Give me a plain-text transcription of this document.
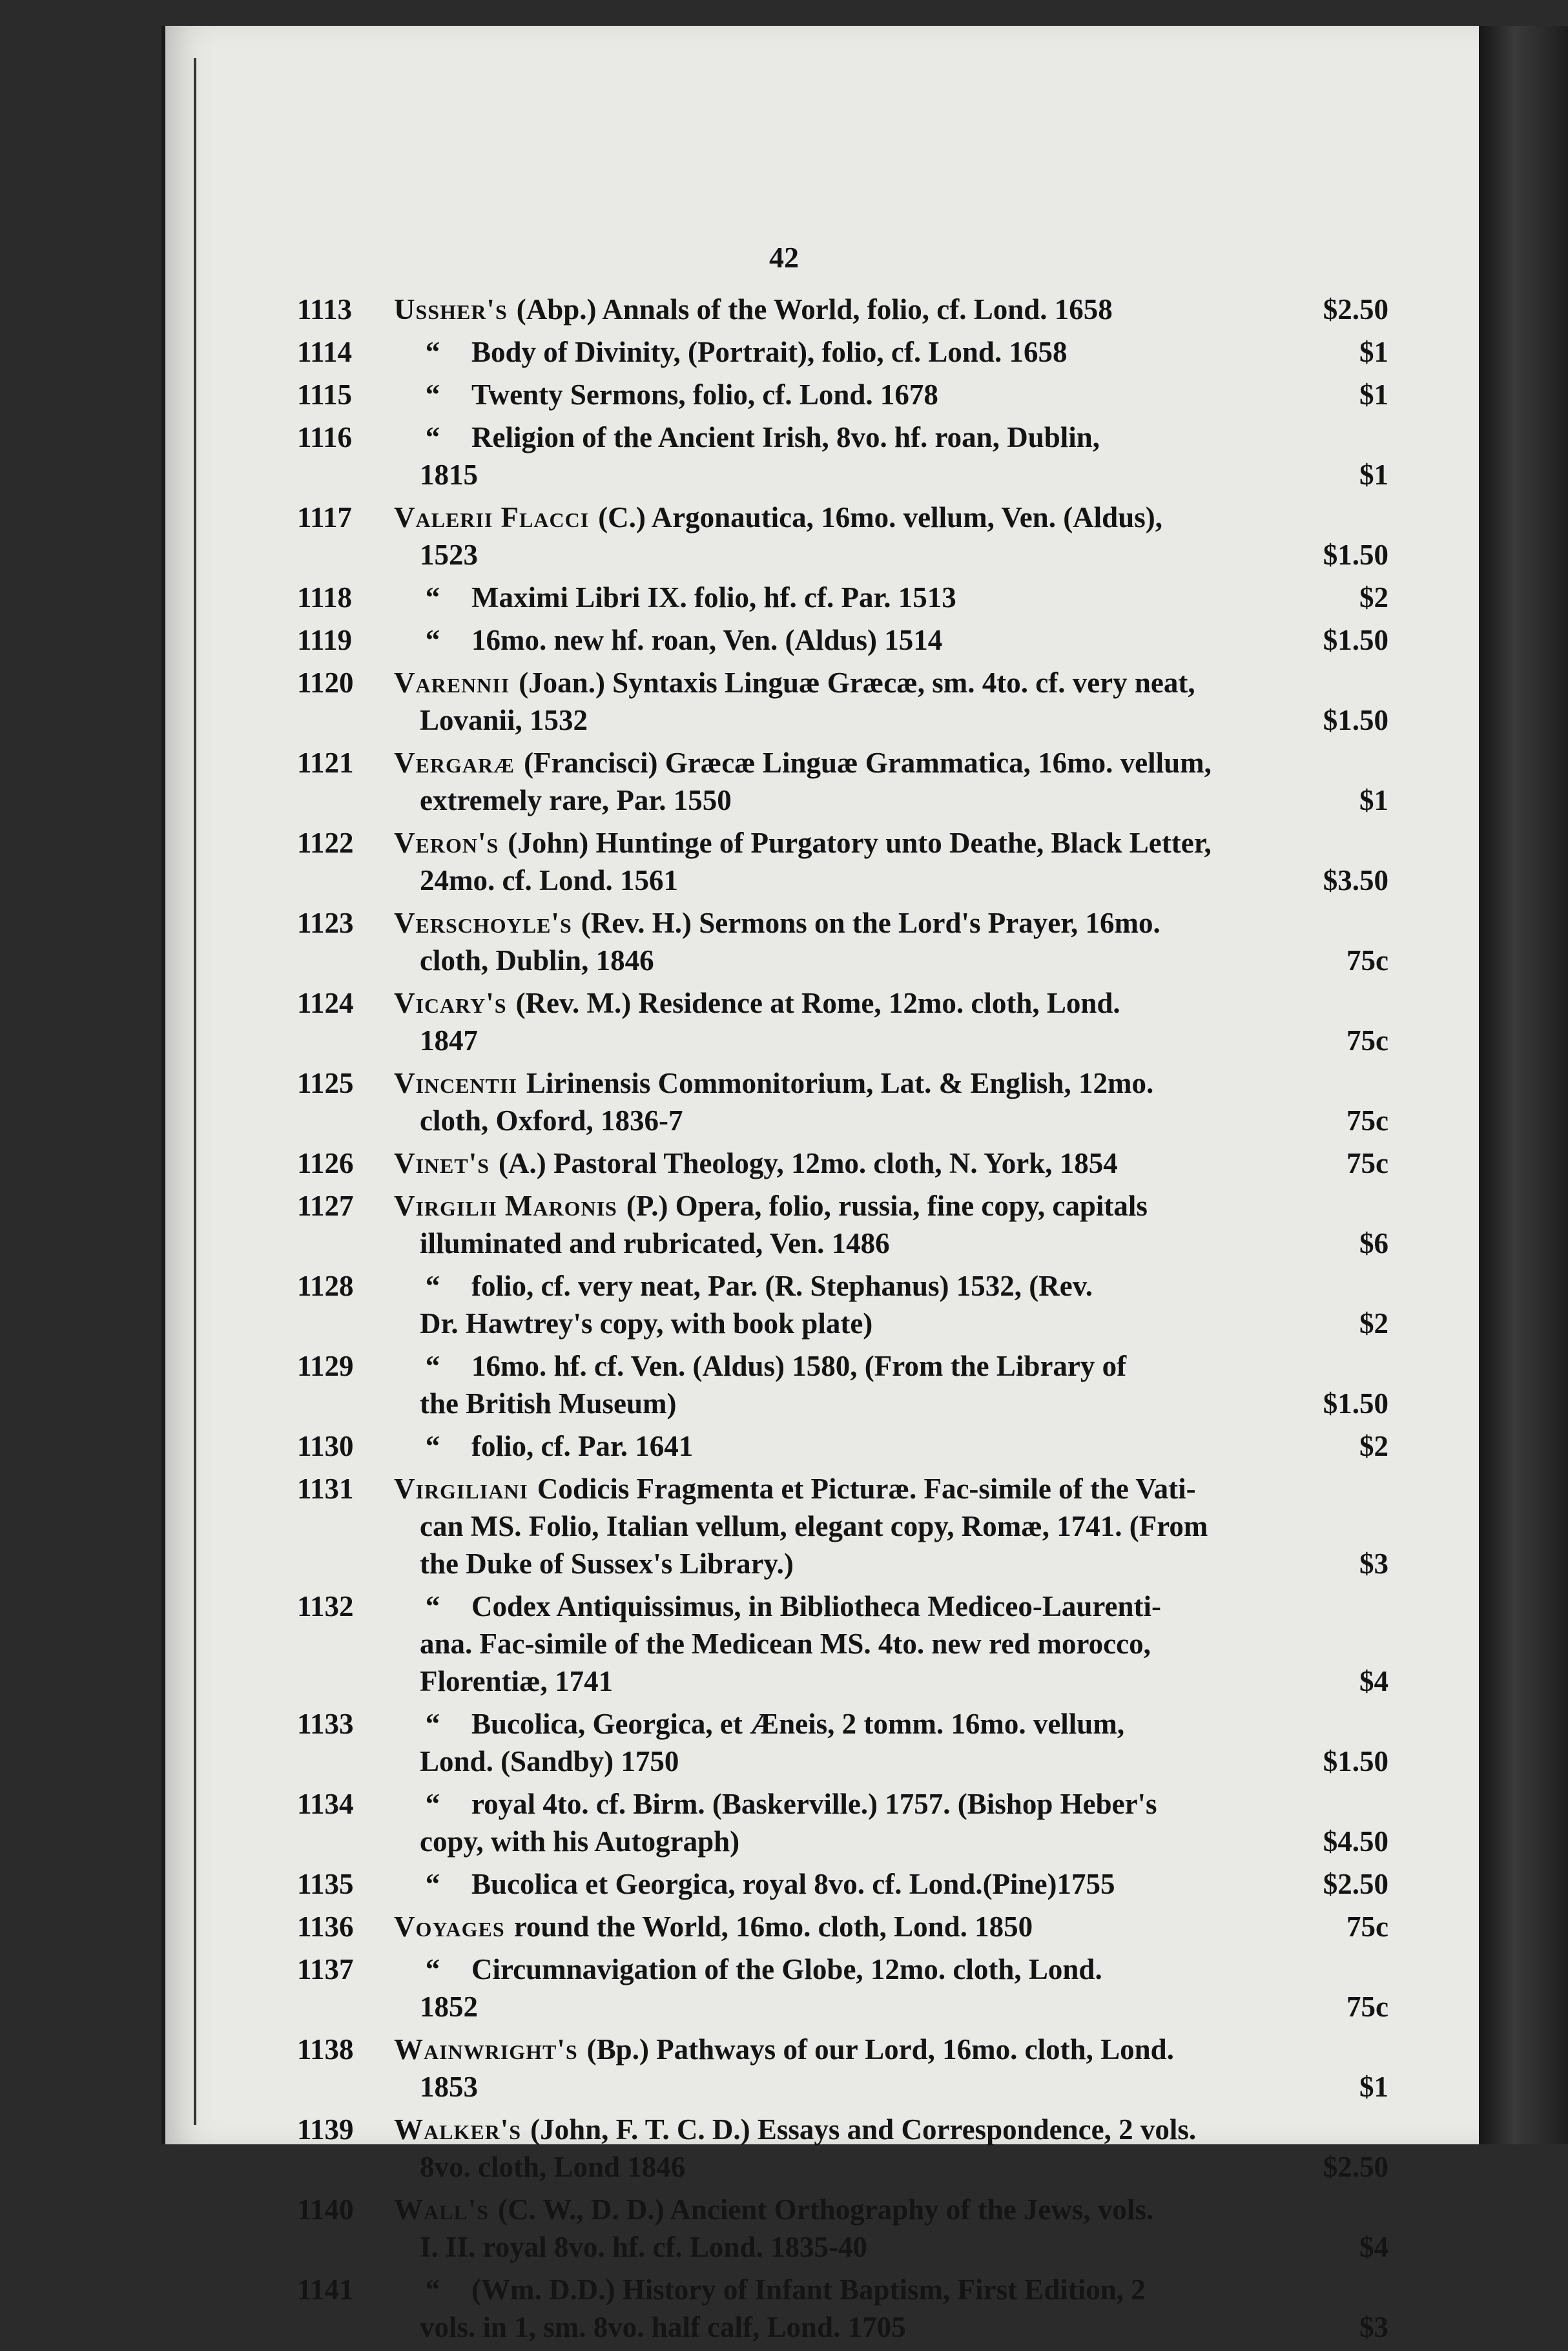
42
1113	Ussher's (Abp.) Annals of the World, folio, cf. Lond. 1658	$2.50
1114	“	Body of Divinity, (Portrait), folio, cf. Lond. 1658	$1
1115	“	Twenty Sermons, folio, cf. Lond. 1678	$1
1116	“	Religion of the Ancient Irish, 8vo. hf. roan, Dublin,
1815	$1
1117	Valerii Flacci (C.) Argonautica, 16mo. vellum, Ven. (Aldus),
1523	$1.50
1118	“	Maximi Libri IX. folio, hf. cf. Par. 1513	$2
1119	“	16mo. new hf. roan, Ven. (Aldus) 1514	$1.50
1120	Varennii (Joan.) Syntaxis Linguæ Græcæ, sm. 4to. cf. very neat,
Lovanii, 1532	$1.50
1121	Vergaræ (Francisci) Græcæ Linguæ Grammatica, 16mo. vellum,
extremely rare, Par. 1550	$1
1122	Veron's (John) Huntinge of Purgatory unto Deathe, Black Letter,
24mo. cf. Lond. 1561	$3.50
1123	Verschoyle's (Rev. H.) Sermons on the Lord's Prayer, 16mo.
cloth, Dublin, 1846	75c
1124	Vicary's (Rev. M.) Residence at Rome, 12mo. cloth, Lond.
1847	75c
1125	Vincentii Lirinensis Commonitorium, Lat. & English, 12mo.
cloth, Oxford, 1836-7	75c
1126	Vinet's (A.) Pastoral Theology, 12mo. cloth, N. York, 1854	75c
1127	Virgilii Maronis (P.) Opera, folio, russia, fine copy, capitals
illuminated and rubricated, Ven. 1486	$6
1128	“	folio, cf. very neat, Par. (R. Stephanus) 1532, (Rev.
Dr. Hawtrey's copy, with book plate)	$2
1129	“	16mo. hf. cf. Ven. (Aldus) 1580, (From the Library of
the British Museum)	$1.50
1130	“	folio, cf. Par. 1641	$2
1131	Virgiliani Codicis Fragmenta et Picturæ. Fac-simile of the Vati-
can MS. Folio, Italian vellum, elegant copy, Romæ, 1741. (From
the Duke of Sussex's Library.)	$3
1132	“	Codex Antiquissimus, in Bibliotheca Mediceo-Laurenti-
ana. Fac-simile of the Medicean MS. 4to. new red morocco,
Florentiæ, 1741	$4
1133	“	Bucolica, Georgica, et Æneis, 2 tomm. 16mo. vellum,
Lond. (Sandby) 1750	$1.50
1134	“	royal 4to. cf. Birm. (Baskerville.) 1757. (Bishop Heber's
copy, with his Autograph)	$4.50
1135	“	Bucolica et Georgica, royal 8vo. cf. Lond.(Pine)1755	$2.50
1136	Voyages round the World, 16mo. cloth, Lond. 1850	75c
1137	“	Circumnavigation of the Globe, 12mo. cloth, Lond.
1852	75c
1138	Wainwright's (Bp.) Pathways of our Lord, 16mo. cloth, Lond.
1853	$1
1139	Walker's (John, F. T. C. D.) Essays and Correspondence, 2 vols.
8vo. cloth, Lond 1846	$2.50
1140	Wall's (C. W., D. D.) Ancient Orthography of the Jews, vols.
I. II. royal 8vo. hf. cf. Lond. 1835-40	$4
1141	“	(Wm. D.D.) History of Infant Baptism, First Edition, 2
vols. in 1, sm. 8vo. half calf, Lond. 1705	$3
